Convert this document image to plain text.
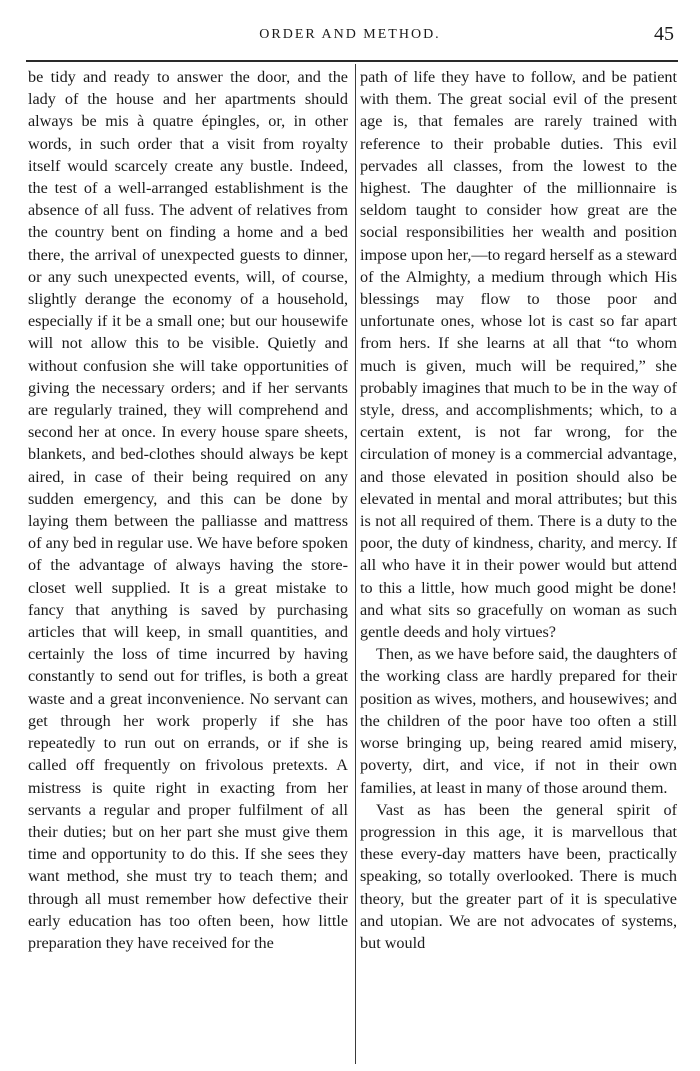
ORDER AND METHOD.	45

be tidy and ready to answer the door, and the lady of the house and her apartments should always be mis à quatre épingles, or, in other words, in such order that a visit from royalty itself would scarcely create any bustle. Indeed, the test of a well-arranged establishment is the absence of all fuss. The advent of relatives from the country bent on finding a home and a bed there, the arrival of unexpected guests to dinner, or any such unexpected events, will, of course, slightly derange the economy of a household, especially if it be a small one; but our housewife will not allow this to be visible. Quietly and without confusion she will take opportunities of giving the necessary orders; and if her servants are regularly trained, they will comprehend and second her at once. In every house spare sheets, blankets, and bed-clothes should always be kept aired, in case of their being required on any sudden emergency, and this can be done by laying them between the palliasse and mattress of any bed in regular use. We have before spoken of the advantage of always having the store-closet well supplied. It is a great mistake to fancy that anything is saved by purchasing articles that will keep, in small quantities, and certainly the loss of time incurred by having constantly to send out for trifles, is both a great waste and a great inconvenience. No servant can get through her work properly if she has repeatedly to run out on errands, or if she is called off frequently on frivolous pretexts. A mistress is quite right in exacting from her servants a regular and proper fulfilment of all their duties; but on her part she must give them time and opportunity to do this. If she sees they want method, she must try to teach them; and through all must remember how defective their early education has too often been, how little preparation they have received for the

path of life they have to follow, and be patient with them. The great social evil of the present age is, that females are rarely trained with reference to their probable duties. This evil pervades all classes, from the lowest to the highest. The daughter of the millionnaire is seldom taught to consider how great are the social responsibilities her wealth and position impose upon her,—to regard herself as a steward of the Almighty, a medium through which His blessings may flow to those poor and unfortunate ones, whose lot is cast so far apart from hers. If she learns at all that “to whom much is given, much will be required,” she probably imagines that much to be in the way of style, dress, and accomplishments; which, to a certain extent, is not far wrong, for the circulation of money is a commercial advantage, and those elevated in position should also be elevated in mental and moral attributes; but this is not all required of them. There is a duty to the poor, the duty of kindness, charity, and mercy. If all who have it in their power would but attend to this a little, how much good might be done! and what sits so gracefully on woman as such gentle deeds and holy virtues?

Then, as we have before said, the daughters of the working class are hardly prepared for their position as wives, mothers, and housewives; and the children of the poor have too often a still worse bringing up, being reared amid misery, poverty, dirt, and vice, if not in their own families, at least in many of those around them.

Vast as has been the general spirit of progression in this age, it is marvellous that these every-day matters have been, practically speaking, so totally overlooked. There is much theory, but the greater part of it is speculative and utopian. We are not advocates of systems, but would
